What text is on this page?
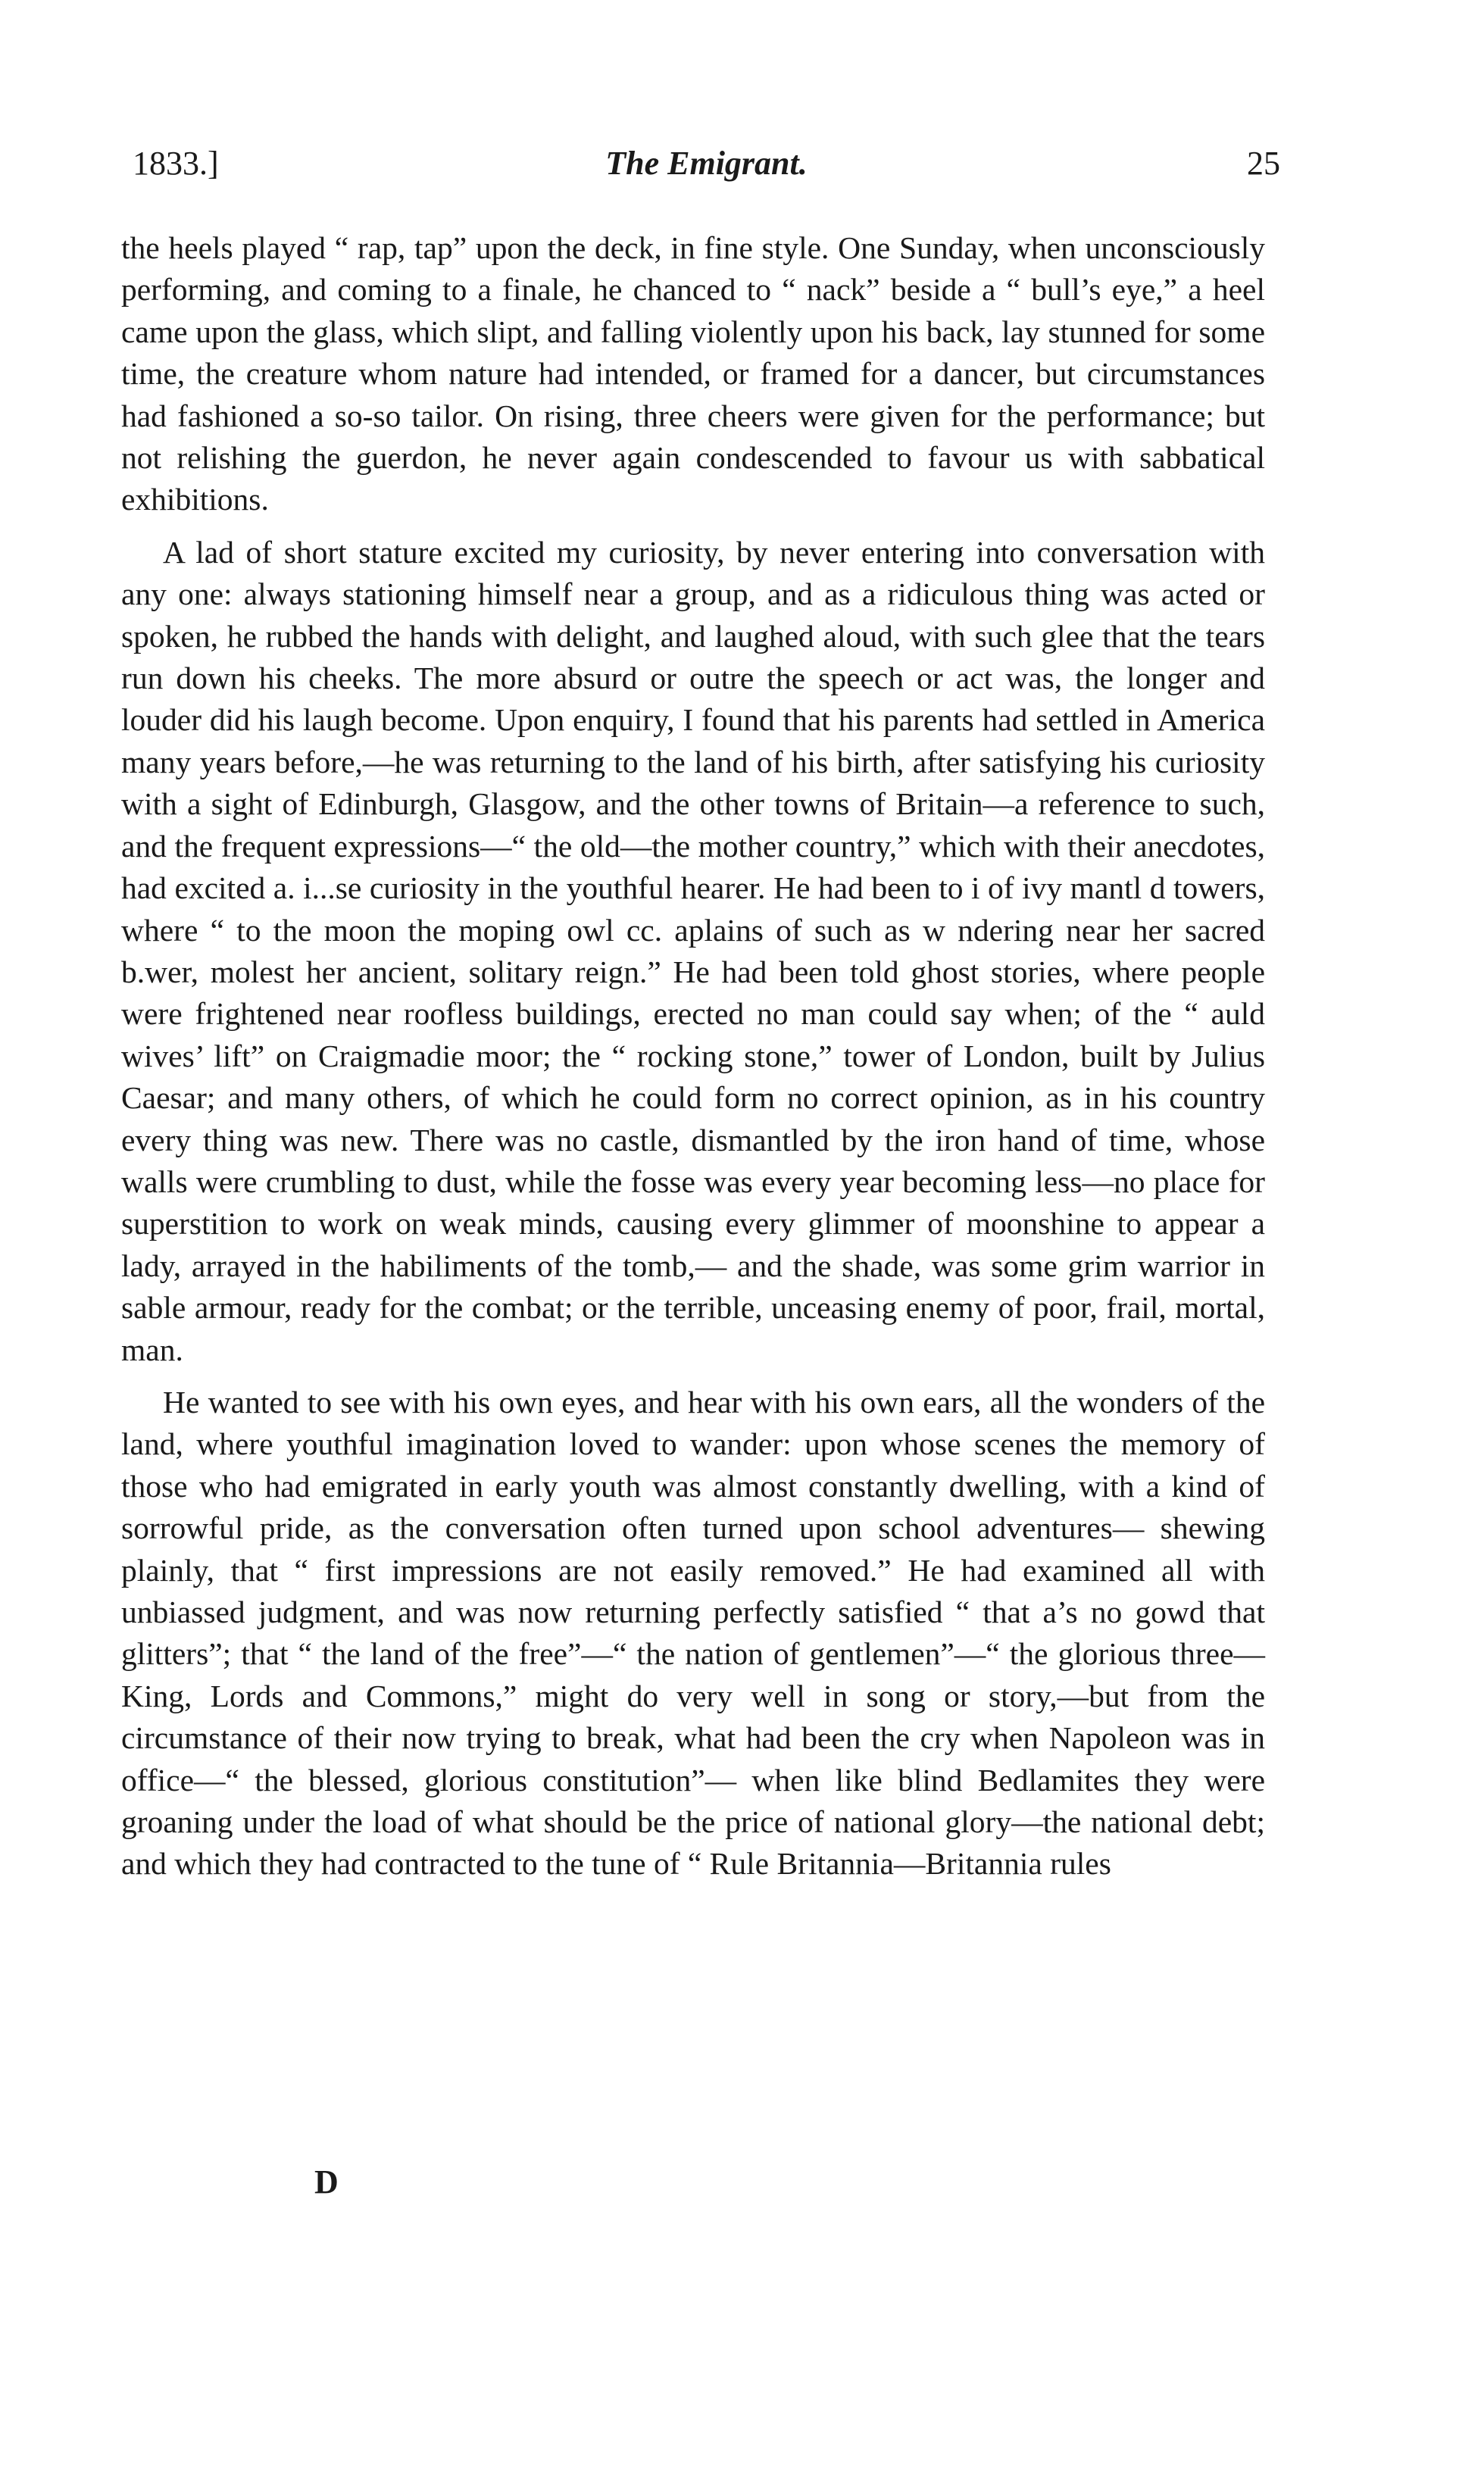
1833.]	The Emigrant.	25

the heels played “ rap, tap” upon the deck, in fine style. One Sunday, when unconsciously performing, and coming to a finale, he chanced to “ nack” beside a “ bull’s eye,” a heel came upon the glass, which slipt, and falling violently upon his back, lay stunned for some time, the creature whom nature had intended, or framed for a dancer, but circumstances had fashioned a so-so tailor. On rising, three cheers were given for the performance; but not relishing the guerdon, he never again condescended to favour us with sabbatical exhibitions.

A lad of short stature excited my curiosity, by never entering into conversation with any one: always stationing himself near a group, and as a ridiculous thing was acted or spoken, he rubbed the hands with delight, and laughed aloud, with such glee that the tears run down his cheeks. The more absurd or outre the speech or act was, the longer and louder did his laugh become. Upon enquiry, I found that his parents had settled in America many years before,—he was returning to the land of his birth, after satisfying his curiosity with a sight of Edinburgh, Glasgow, and the other towns of Britain—a reference to such, and the frequent expressions—“ the old—the mother country,” which with their anecdotes, had excited a. i...se curiosity in the youthful hearer. He had been to i of ivy mantl d towers, where “ to the moon the moping owl cc. aplains of such as w ndering near her sacred b.wer, molest her ancient, solitary reign.” He had been told ghost stories, where people were frightened near roofless buildings, erected no man could say when; of the “ auld wives’ lift” on Craigmadie moor; the “ rocking stone,” tower of London, built by Julius Caesar; and many others, of which he could form no correct opinion, as in his country every thing was new. There was no castle, dismantled by the iron hand of time, whose walls were crumbling to dust, while the fosse was every year becoming less—no place for superstition to work on weak minds, causing every glimmer of moonshine to appear a lady, arrayed in the habiliments of the tomb,— and the shade, was some grim warrior in sable armour, ready for the combat; or the terrible, unceasing enemy of poor, frail, mortal, man.

He wanted to see with his own eyes, and hear with his own ears, all the wonders of the land, where youthful imagination loved to wander: upon whose scenes the memory of those who had emigrated in early youth was almost constantly dwelling, with a kind of sorrowful pride, as the conversation often turned upon school adventures— shewing plainly, that “ first impressions are not easily removed.” He had examined all with unbiassed judgment, and was now returning perfectly satisfied “ that a’s no gowd that glitters”; that “ the land of the free”—“ the nation of gentlemen”—“ the glorious three—King, Lords and Commons,” might do very well in song or story,—but from the circumstance of their now trying to break, what had been the cry when Napoleon was in office—“ the blessed, glorious constitution”— when like blind Bedlamites they were groaning under the load of what should be the price of national glory—the national debt; and which they had contracted to the tune of “ Rule Britannia—Britannia rules

D
